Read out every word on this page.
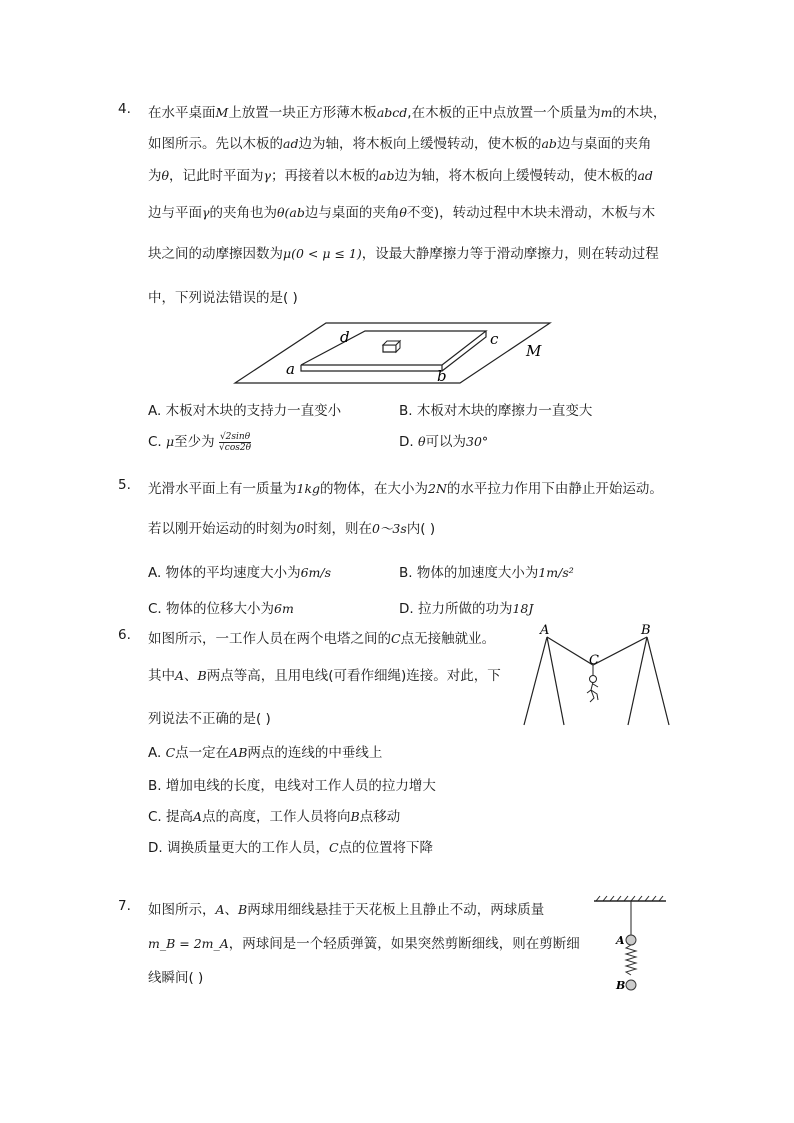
4. 在水平桌面M上放置一块正方形薄木板abcd,在木板的正中点放置一个质量为m的木块，
如图所示。先以木板的ad边为轴，将木板向上缓慢转动，使木板的ab边与桌面的夹角
为θ，记此时平面为γ；再接着以木板的ab边为轴，将木板向上缓慢转动，使木板的ad
边与平面γ的夹角也为θ(ab边与桌面的夹角θ不变)，转动过程中木块未滑动，木板与木
块之间的动摩擦因数为μ(0 < μ ≤ 1)，设最大静摩擦力等于滑动摩擦力，则在转动过程
中，下列说法错误的是( )
d	c
a	b
M
A. 木板对木块的支持力一直变小	B. 木板对木块的摩擦力一直变大
C. μ至少为 $\frac{√2\sin\theta}{√\cos 2\theta}$	D. θ可以为30°
5. 光滑水平面上有一质量为1kg的物体，在大小为2N的水平拉力作用下由静止开始运动。
若以刚开始运动的时刻为0时刻，则在0～3s内( )
A. 物体的平均速度大小为6m/s	B. 物体的加速度大小为1m/s²
C. 物体的位移大小为6m	D. 拉力所做的功为18J
6. 如图所示，一工作人员在两个电塔之间的C点无接触就业。
其中A、B两点等高，且用电线(可看作细绳)连接。对此，下
列说法不正确的是( )
A	B
C
A. C点一定在AB两点的连线的中垂线上
B. 增加电线的长度，电线对工作人员的拉力增大
C. 提高A点的高度，工作人员将向B点移动
D. 调换质量更大的工作人员，C点的位置将下降
7. 如图所示，A、B两球用细线悬挂于天花板上且静止不动，两球质量
m_B = 2m_A，两球间是一个轻质弹簧，如果突然剪断细线，则在剪断细
线瞬间( )
A
B
